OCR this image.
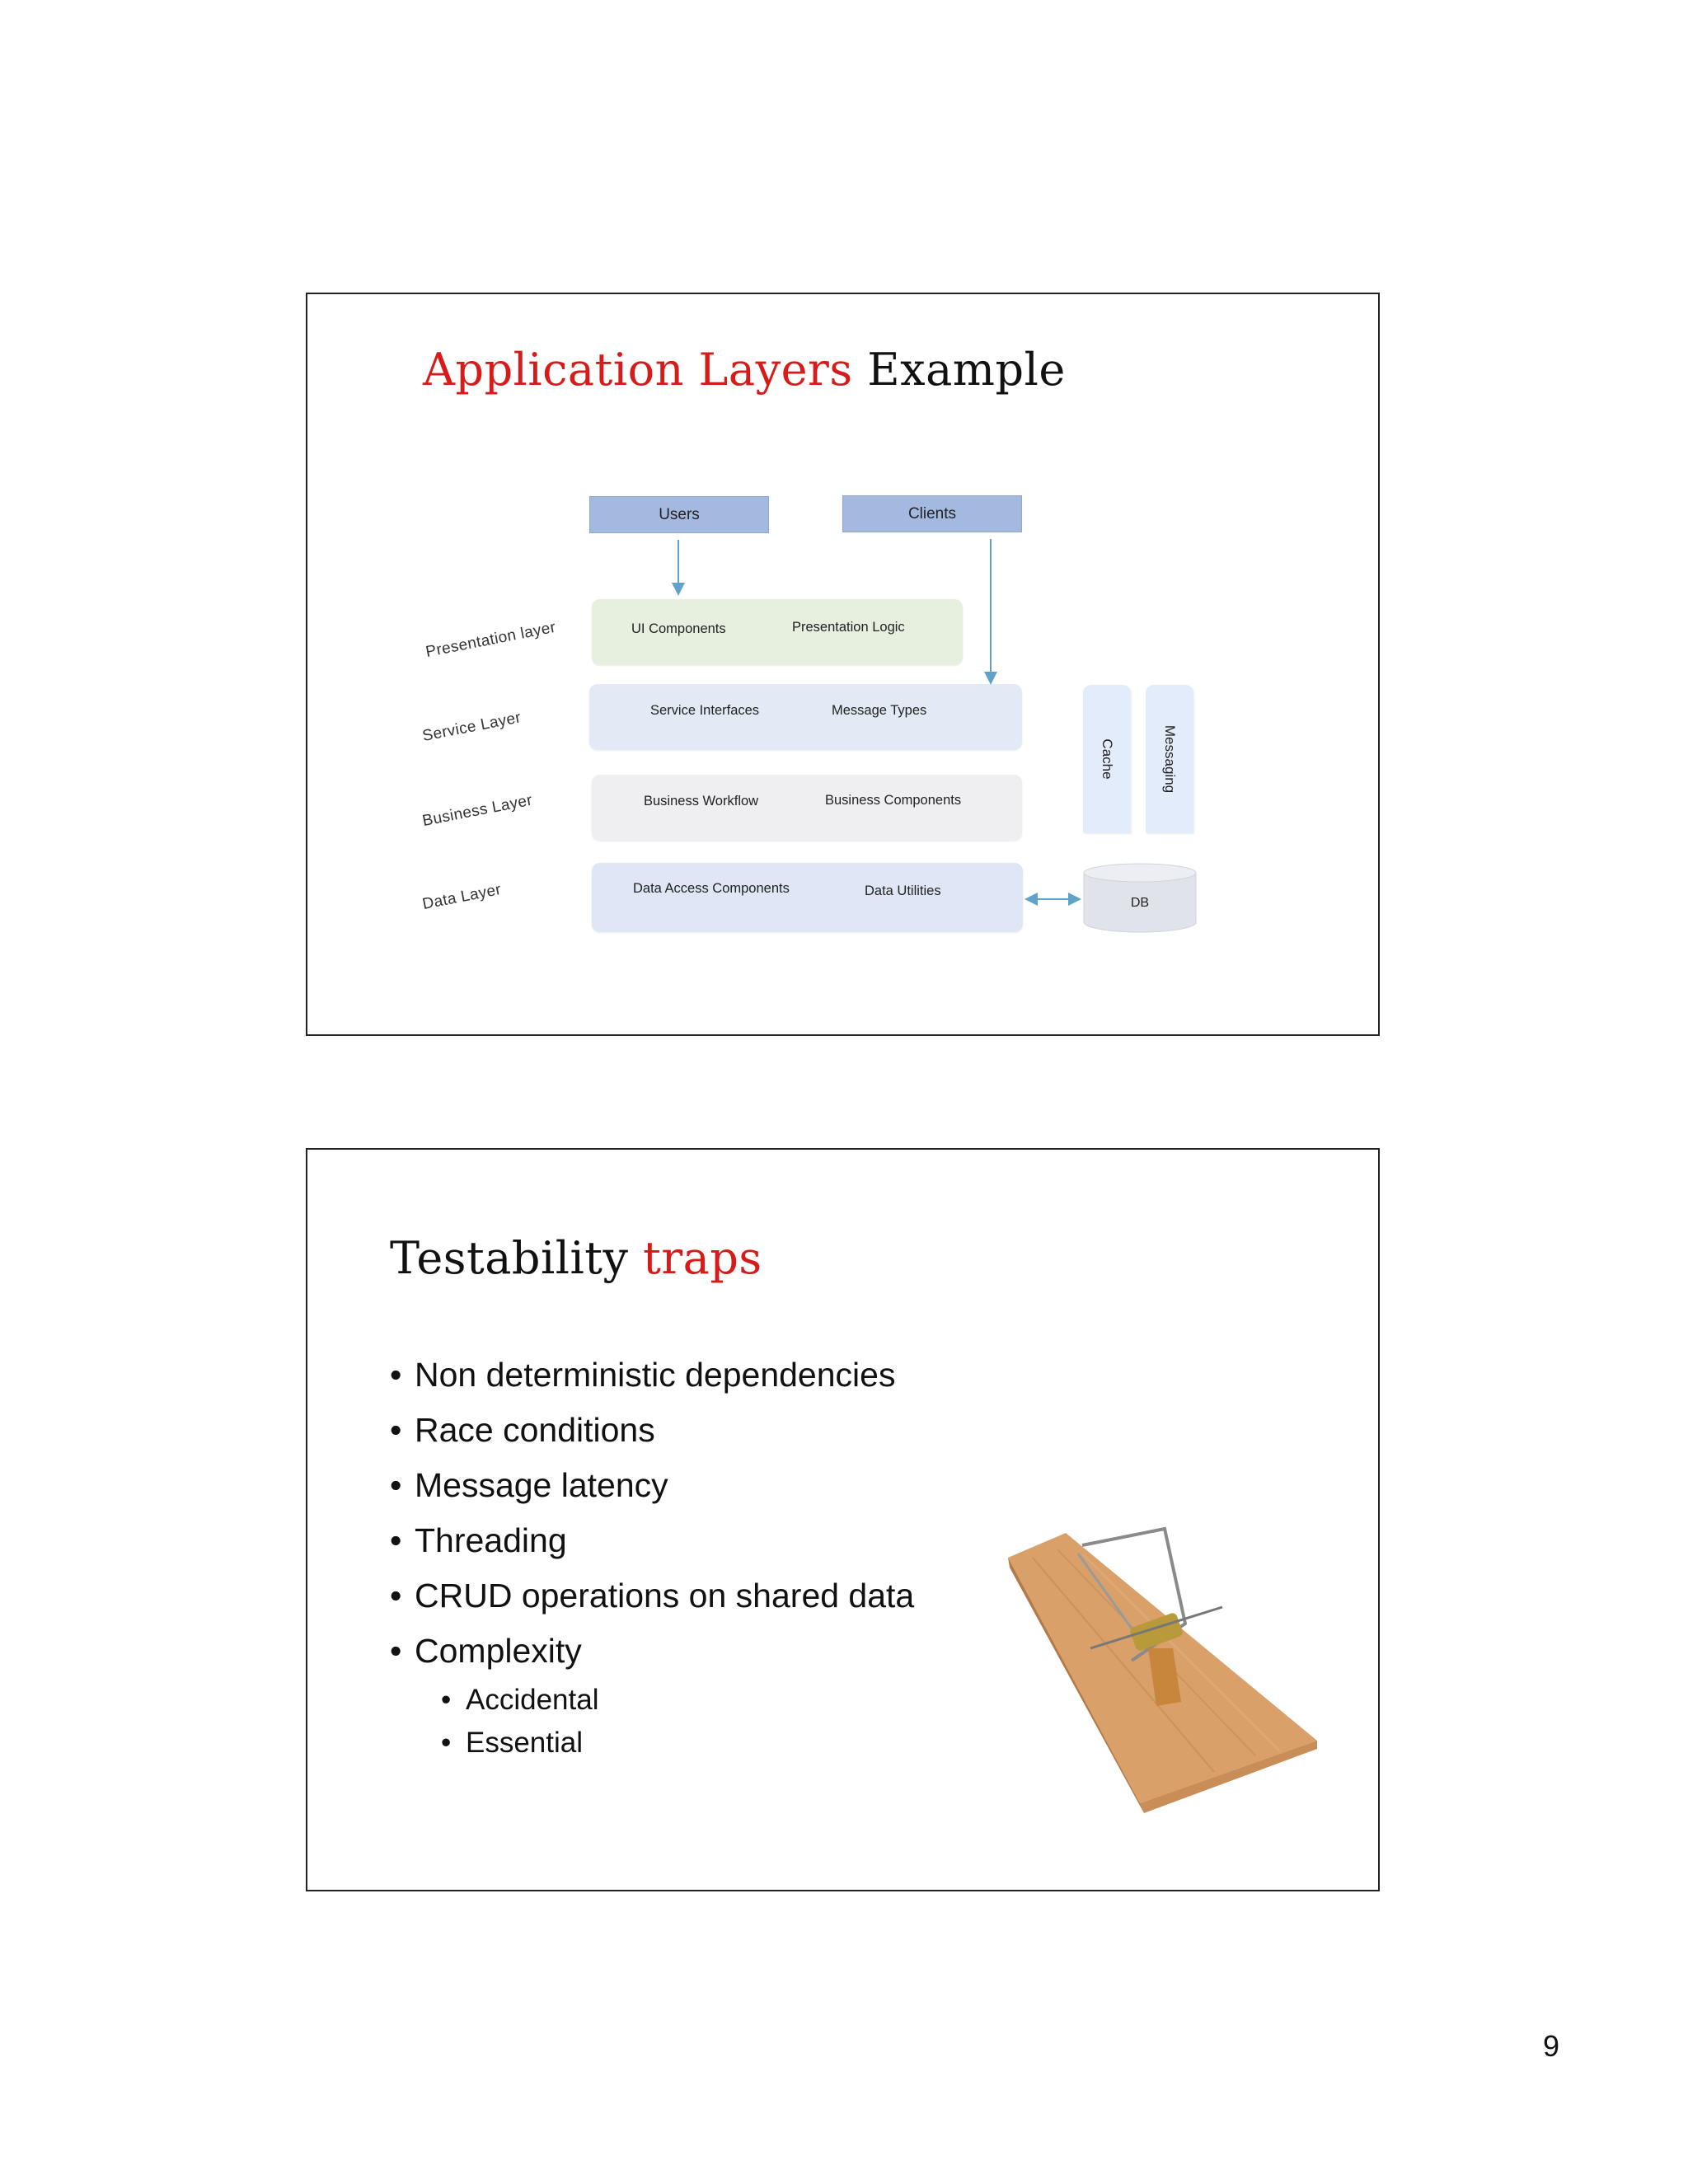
Application Layers Example
Users	Clients
Presentation layer
Service Layer
Business Layer
Data Layer
UI Components	Presentation Logic
Service Interfaces	Message Types
Business Workflow	Business Components
Data Access Components	Data Utilities
Cache	Messaging
DB
Testability traps
• Non deterministic dependencies
• Race conditions
• Message latency
• Threading
• CRUD operations on shared data
• Complexity
• Accidental
• Essential
9
